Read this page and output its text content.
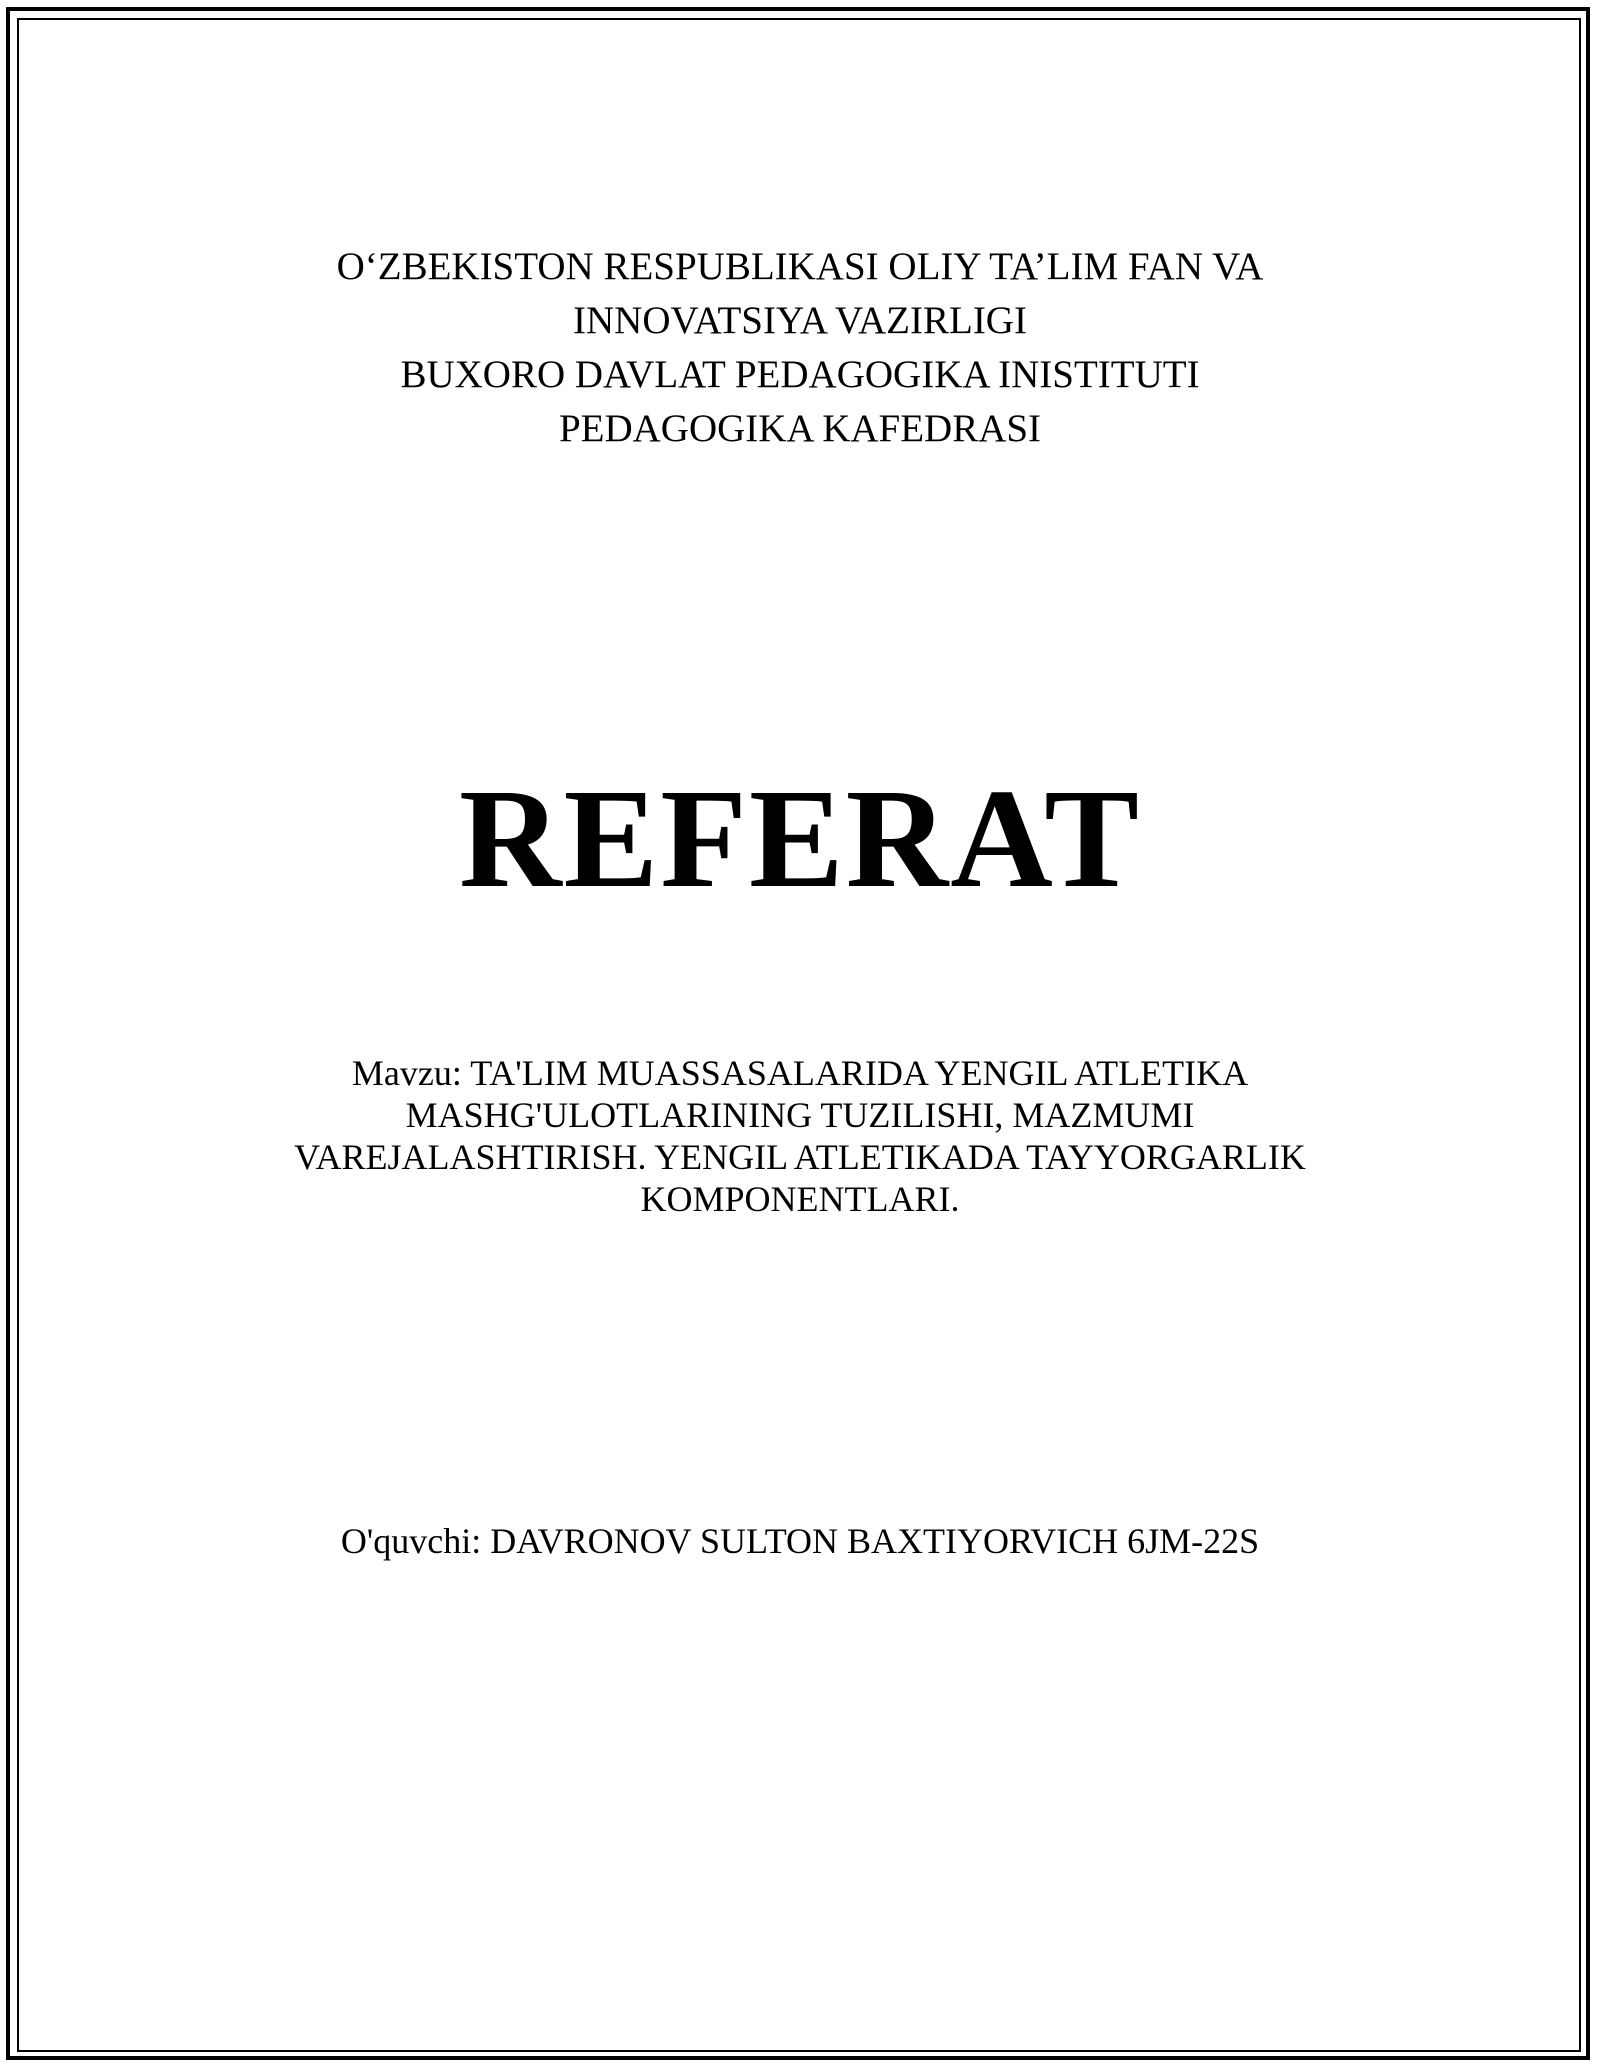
O‘ZBEKISTON RESPUBLIKASI OLIY TA’LIM FAN VA
INNOVATSIYA VAZIRLIGI
BUXORO DAVLAT PEDAGOGIKA INISTITUTI
PEDAGOGIKA KAFEDRASI
REFERAT
Mavzu: TA'LIM MUASSASALARIDA YENGIL ATLETIKA
MASHG'ULOTLARINING TUZILISHI, MAZMUMI
VAREJALASHTIRISH. YENGIL ATLETIKADA TAYYORGARLIK
KOMPONENTLARI.
O'quvchi: DAVRONOV SULTON BAXTIYORVICH 6JM-22S
